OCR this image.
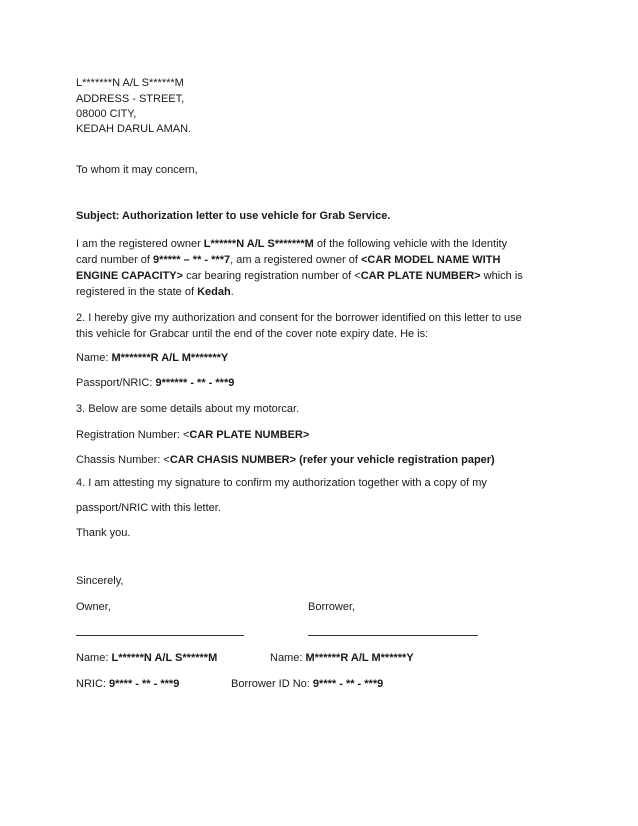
L*******N A/L S******M
ADDRESS - STREET,
08000 CITY,
KEDAH DARUL AMAN.
To whom it may concern,
Subject: Authorization letter to use vehicle for Grab Service.
I am the registered owner L******N A/L S*******M of the following vehicle with the Identity
card number of 9***** – ** - ***7, am a registered owner of <CAR MODEL NAME WITH
ENGINE CAPACITY> car bearing registration number of <CAR PLATE NUMBER> which is
registered in the state of Kedah.
2. I hereby give my authorization and consent for the borrower identified on this letter to use
this vehicle for Grabcar until the end of the cover note expiry date. He is:
Name: M*******R A/L M*******Y
Passport/NRIC: 9****** - ** - ***9
3. Below are some details about my motorcar.
Registration Number: <CAR PLATE NUMBER>
Chassis Number: <CAR CHASIS NUMBER> (refer your vehicle registration paper)
4. I am attesting my signature to confirm my authorization together with a copy of my
passport/NRIC with this letter.
Thank you.
Sincerely,
Owner,	Borrower,
Name: L******N A/L S******M	Name: M******R A/L M******Y
NRIC: 9**** - ** - ***9	Borrower ID No: 9**** - ** - ***9
